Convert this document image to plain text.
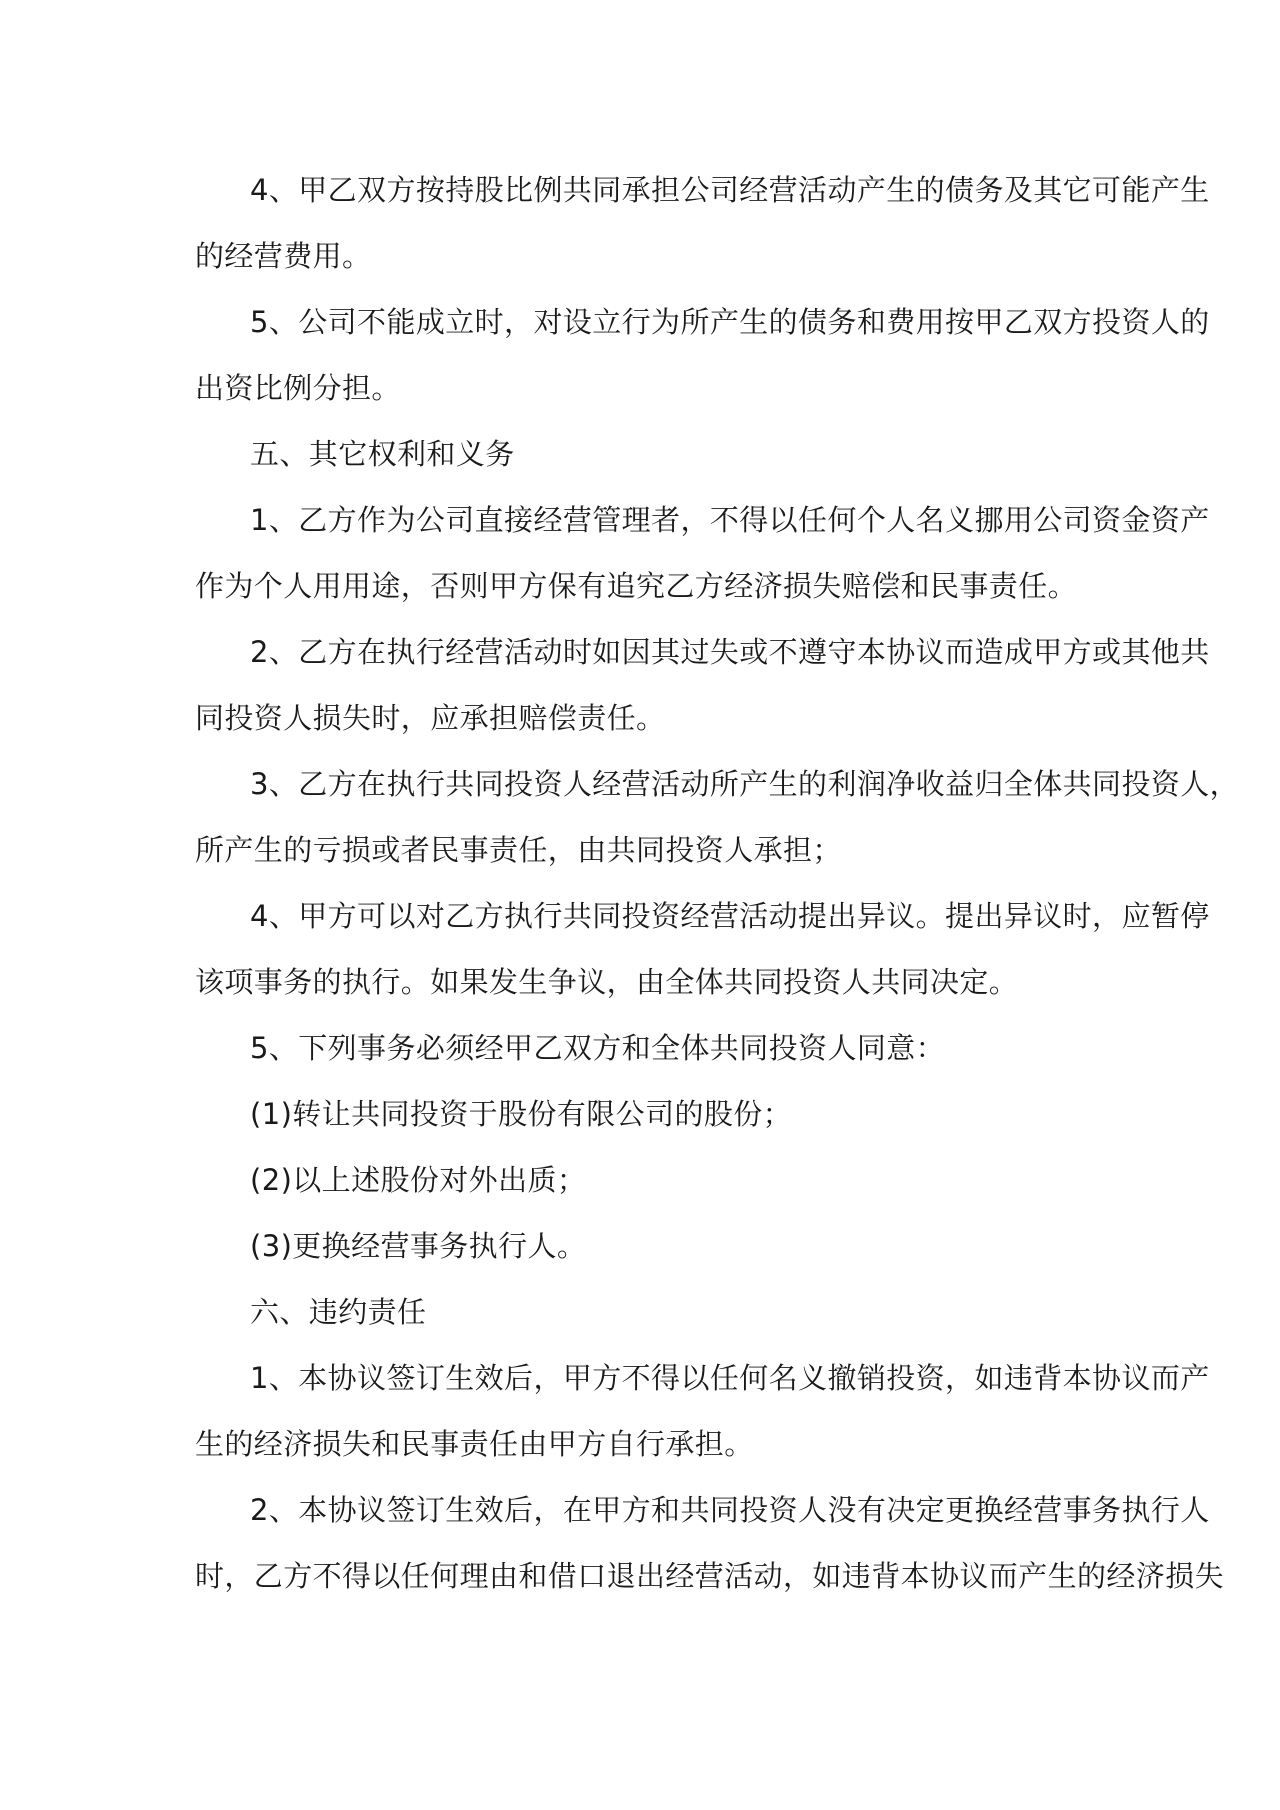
4、甲乙双方按持股比例共同承担公司经营活动产生的债务及其它可能产生
的经营费用。
5、公司不能成立时，对设立行为所产生的债务和费用按甲乙双方投资人的
出资比例分担。
五、其它权利和义务
1、乙方作为公司直接经营管理者，不得以任何个人名义挪用公司资金资产
作为个人用用途，否则甲方保有追究乙方经济损失赔偿和民事责任。
2、乙方在执行经营活动时如因其过失或不遵守本协议而造成甲方或其他共
同投资人损失时，应承担赔偿责任。
3、乙方在执行共同投资人经营活动所产生的利润净收益归全体共同投资人，
所产生的亏损或者民事责任，由共同投资人承担；
4、甲方可以对乙方执行共同投资经营活动提出异议。提出异议时，应暂停
该项事务的执行。如果发生争议，由全体共同投资人共同决定。
5、下列事务必须经甲乙双方和全体共同投资人同意：
(1)转让共同投资于股份有限公司的股份；
(2)以上述股份对外出质；
(3)更换经营事务执行人。
六、违约责任
1、本协议签订生效后，甲方不得以任何名义撤销投资，如违背本协议而产
生的经济损失和民事责任由甲方自行承担。
2、本协议签订生效后，在甲方和共同投资人没有决定更换经营事务执行人
时，乙方不得以任何理由和借口退出经营活动，如违背本协议而产生的经济损失
